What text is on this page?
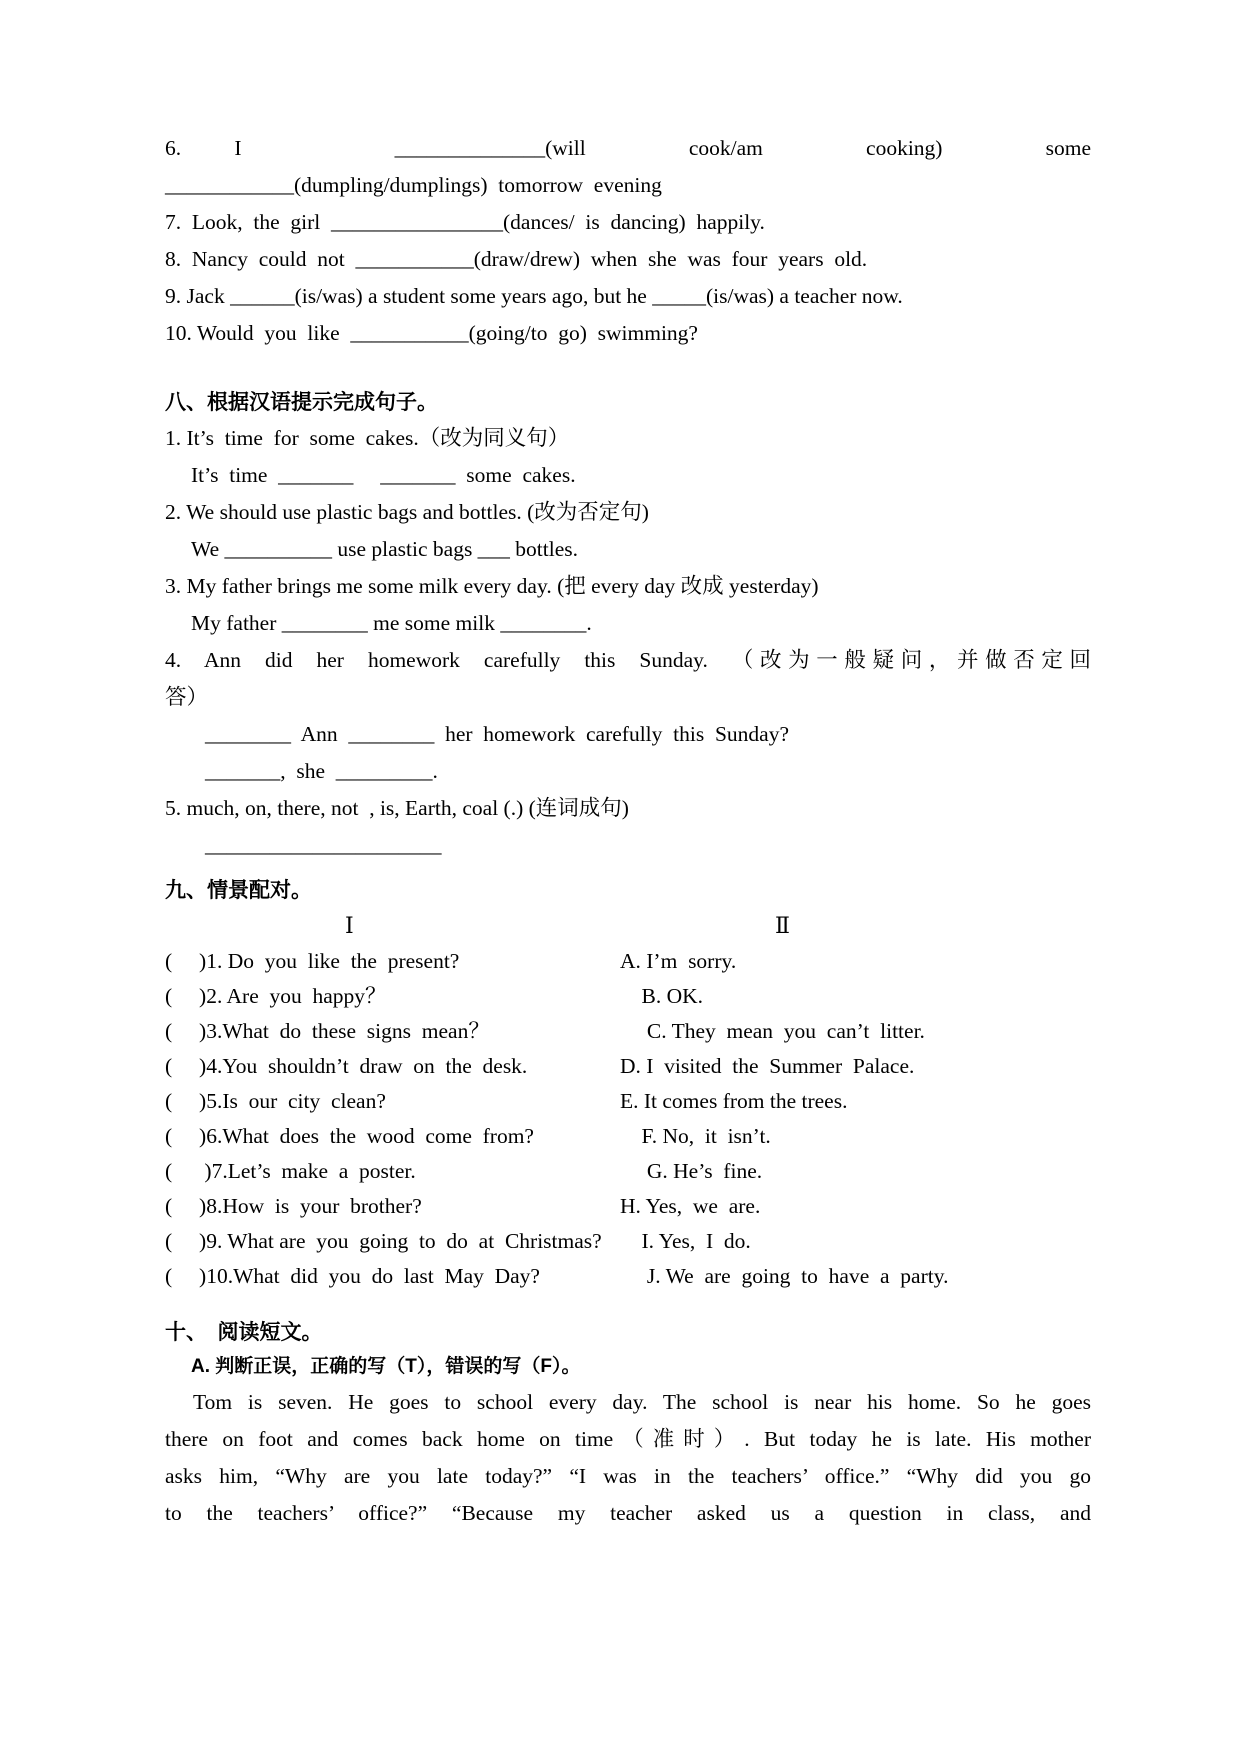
6.　　I　　　　　　______________(will　　　　cook/am　　　　cooking)　　　　some

____________(dumpling/dumplings)  tomorrow  evening

7.  Look,  the  girl  ________________(dances/  is  dancing)  happily.

8.  Nancy  could  not  ___________(draw/drew)  when  she  was  four  years  old.

9. Jack ______(is/was) a student some years ago, but he _____(is/was) a teacher now.

10. Would  you  like  ___________(going/to  go)  swimming?

八、根据汉语提示完成句子。

1. It’s  time  for  some  cakes.（改为同义句）

It’s  time  _______　 _______  some  cakes.

2. We should use plastic bags and bottles. (改为否定句)

We __________ use plastic bags ___ bottles.

3. My father brings me some milk every day. (把 every day 改成 yesterday)

My father ________ me some milk ________.

4.  Ann  did  her  homework  carefully  this  Sunday.  （改为一般疑问，并做否定回

答）

________  Ann  ________  her  homework  carefully  this  Sunday?

_______,  she  _________.

5. much, on, there, not  , is, Earth, coal (.) (连词成句)

______________________

九、情景配对。

Ⅰ	Ⅱ
(　 )1. Do  you  like  the  present?	A. I’m  sorry.
(　 )2. Are  you  happy？	　B. OK.
(　 )3.What  do  these  signs  mean？	　 C. They  mean  you  can’t  litter.
(　 )4.You  shouldn’t  draw  on  the  desk.	D. I  visited  the  Summer  Palace.
(　 )5.Is  our  city  clean?	E. It comes from the trees.
(　 )6.What  does  the  wood  come  from?	　F. No,  it  isn’t.
(　  )7.Let’s  make  a  poster.	　 G. He’s  fine.
(　 )8.How  is  your  brother?	H. Yes,  we  are.
(　 )9. What are  you  going  to  do  at  Christmas? 　I. Yes,  I  do.
(　 )10.What  did  you  do  last  May  Day?	　 J. We  are  going  to  have  a  party.

十、　阅读短文。

A. 判断正误，正确的写（T），错误的写（F）。

Tom is seven. He goes to school every day. The school is near his home. So he goes

there on foot and comes back home on time（准时）. But today he is late. His mother

asks him, “Why are you late today?” “I was in the teachers’ office.” “Why did you go

to the teachers’ office?” “Because my teacher asked us a question in class, and
